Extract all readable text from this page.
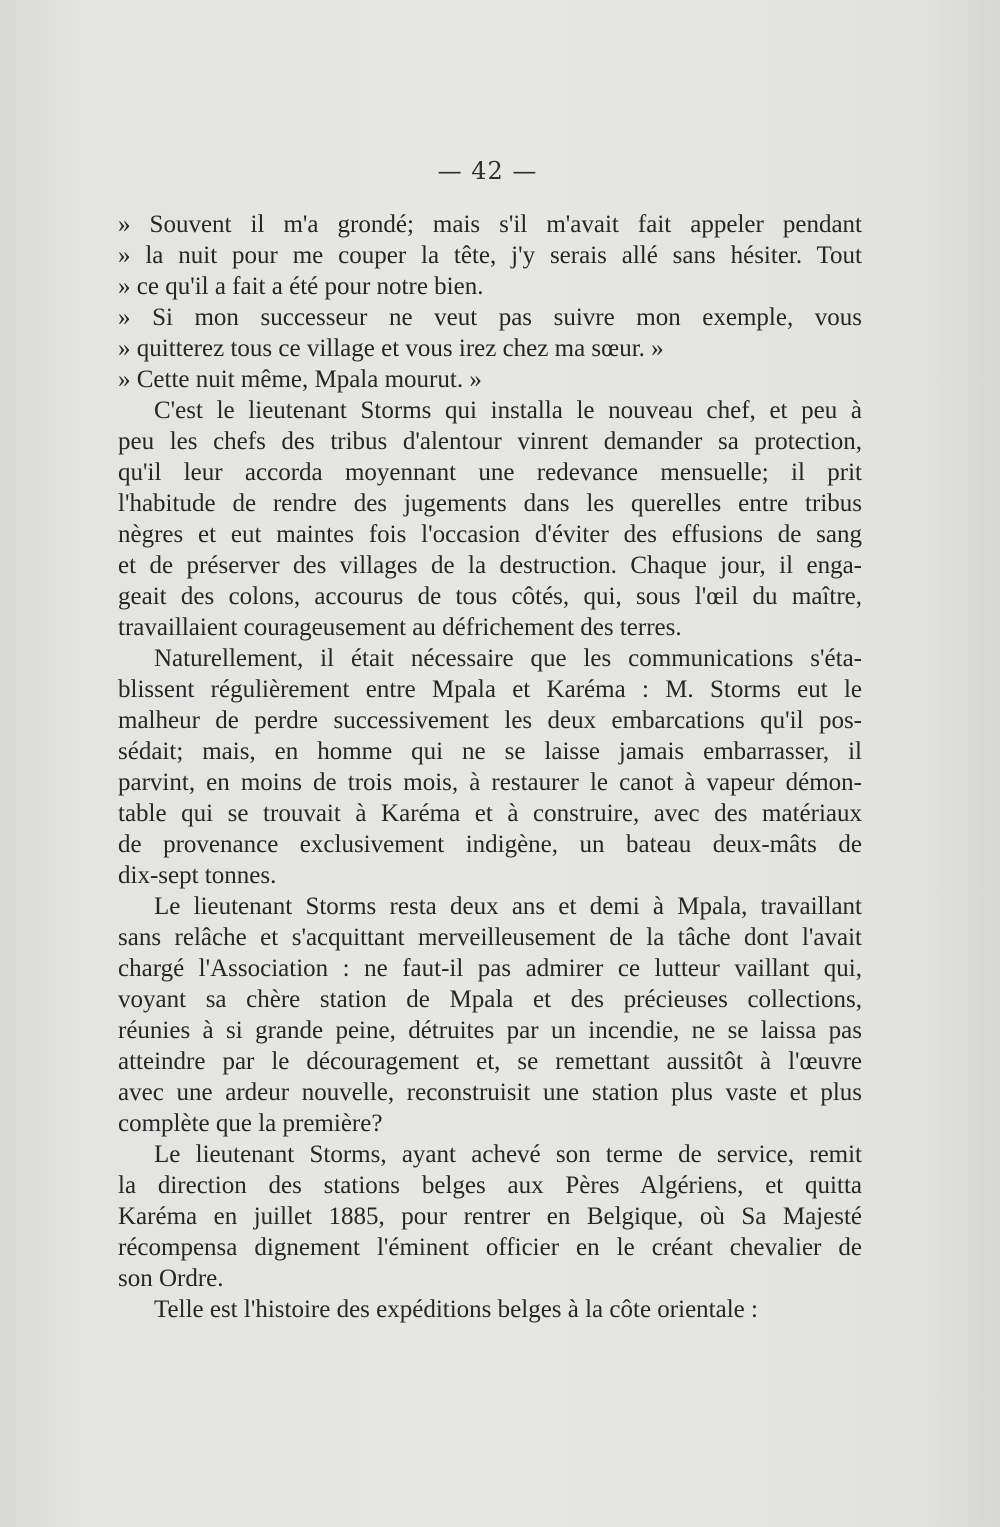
— 42 —
» Souvent il m'a grondé; mais s'il m'avait fait appeler pendant
» la nuit pour me couper la tête, j'y serais allé sans hésiter. Tout
» ce qu'il a fait a été pour notre bien.
» Si mon successeur ne veut pas suivre mon exemple, vous
» quitterez tous ce village et vous irez chez ma sœur. »
» Cette nuit même, Mpala mourut. »
C'est le lieutenant Storms qui installa le nouveau chef, et peu à
peu les chefs des tribus d'alentour vinrent demander sa protection,
qu'il leur accorda moyennant une redevance mensuelle; il prit
l'habitude de rendre des jugements dans les querelles entre tribus
nègres et eut maintes fois l'occasion d'éviter des effusions de sang
et de préserver des villages de la destruction. Chaque jour, il enga-
geait des colons, accourus de tous côtés, qui, sous l'œil du maître,
travaillaient courageusement au défrichement des terres.
Naturellement, il était nécessaire que les communications s'éta-
blissent régulièrement entre Mpala et Karéma : M. Storms eut le
malheur de perdre successivement les deux embarcations qu'il pos-
sédait; mais, en homme qui ne se laisse jamais embarrasser, il
parvint, en moins de trois mois, à restaurer le canot à vapeur démon-
table qui se trouvait à Karéma et à construire, avec des matériaux
de provenance exclusivement indigène, un bateau deux-mâts de
dix-sept tonnes.
Le lieutenant Storms resta deux ans et demi à Mpala, travaillant
sans relâche et s'acquittant merveilleusement de la tâche dont l'avait
chargé l'Association : ne faut-il pas admirer ce lutteur vaillant qui,
voyant sa chère station de Mpala et des précieuses collections,
réunies à si grande peine, détruites par un incendie, ne se laissa pas
atteindre par le découragement et, se remettant aussitôt à l'œuvre
avec une ardeur nouvelle, reconstruisit une station plus vaste et plus
complète que la première?
Le lieutenant Storms, ayant achevé son terme de service, remit
la direction des stations belges aux Pères Algériens, et quitta
Karéma en juillet 1885, pour rentrer en Belgique, où Sa Majesté
récompensa dignement l'éminent officier en le créant chevalier de
son Ordre.
Telle est l'histoire des expéditions belges à la côte orientale :
